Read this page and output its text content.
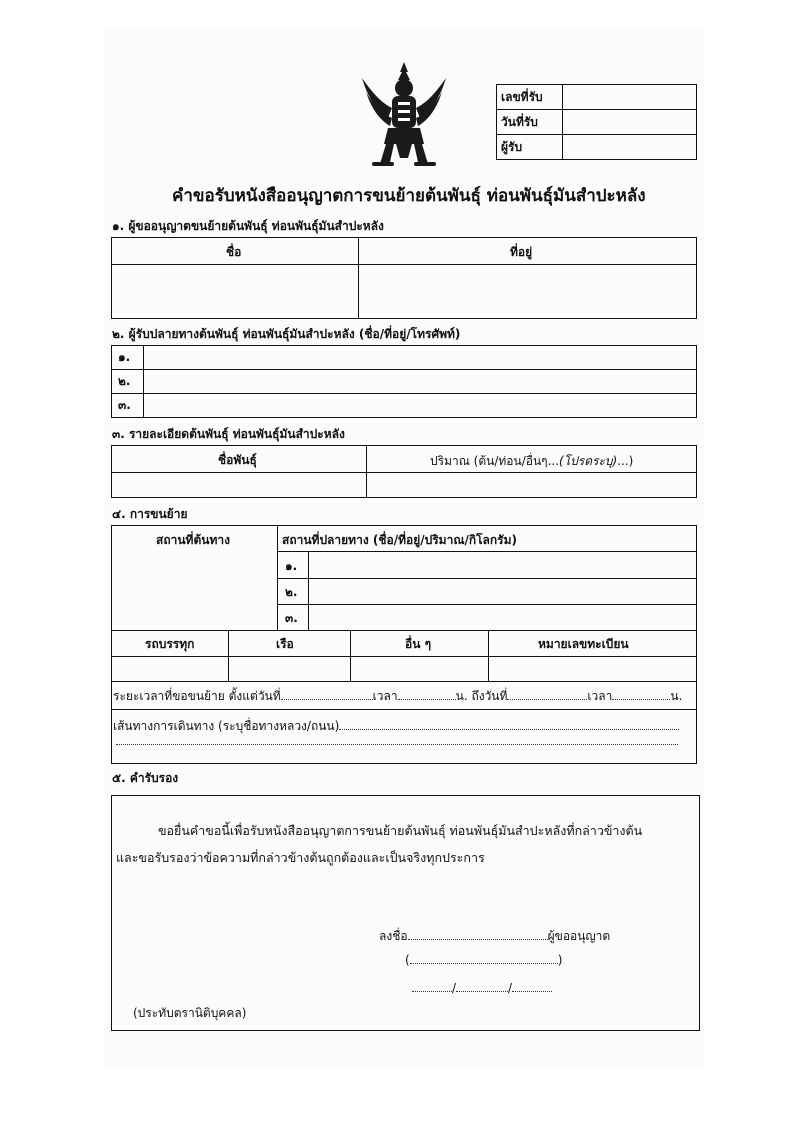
เลขที่รับ
วันที่รับ
ผู้รับ
คำขอรับหนังสืออนุญาตการขนย้ายต้นพันธุ์ ท่อนพันธุ์มันสำปะหลัง
๑. ผู้ขออนุญาตขนย้ายต้นพันธุ์ ท่อนพันธุ์มันสำปะหลัง
ชื่อ	ที่อยู่
๒. ผู้รับปลายทางต้นพันธุ์ ท่อนพันธุ์มันสำปะหลัง (ชื่อ/ที่อยู่/โทรศัพท์)
๑.
๒.
๓.
๓. รายละเอียดต้นพันธุ์ ท่อนพันธุ์มันสำปะหลัง
ชื่อพันธุ์	ปริมาณ (ต้น/ท่อน/อื่นๆ...(โปรดระบุ)...)
๔. การขนย้าย
สถานที่ต้นทาง	สถานที่ปลายทาง (ชื่อ/ที่อยู่/ปริมาณ/กิโลกรัม)
๑.
๒.
๓.
รถบรรทุก	เรือ	อื่น ๆ	หมายเลขทะเบียน
ระยะเวลาที่ขอขนย้าย ตั้งแต่วันที่	เวลา	น. ถึงวันที่	เวลา	น.
เส้นทางการเดินทาง (ระบุชื่อทางหลวง/ถนน)
๕. คำรับรอง
ขอยื่นคำขอนี้เพื่อรับหนังสืออนุญาตการขนย้ายต้นพันธุ์ ท่อนพันธุ์มันสำปะหลังที่กล่าวข้างต้น
และขอรับรองว่าข้อความที่กล่าวข้างต้นถูกต้องและเป็นจริงทุกประการ
ลงชื่อ	ผู้ขออนุญาต
(	)
/	/
(ประทับตรานิติบุคคล)
